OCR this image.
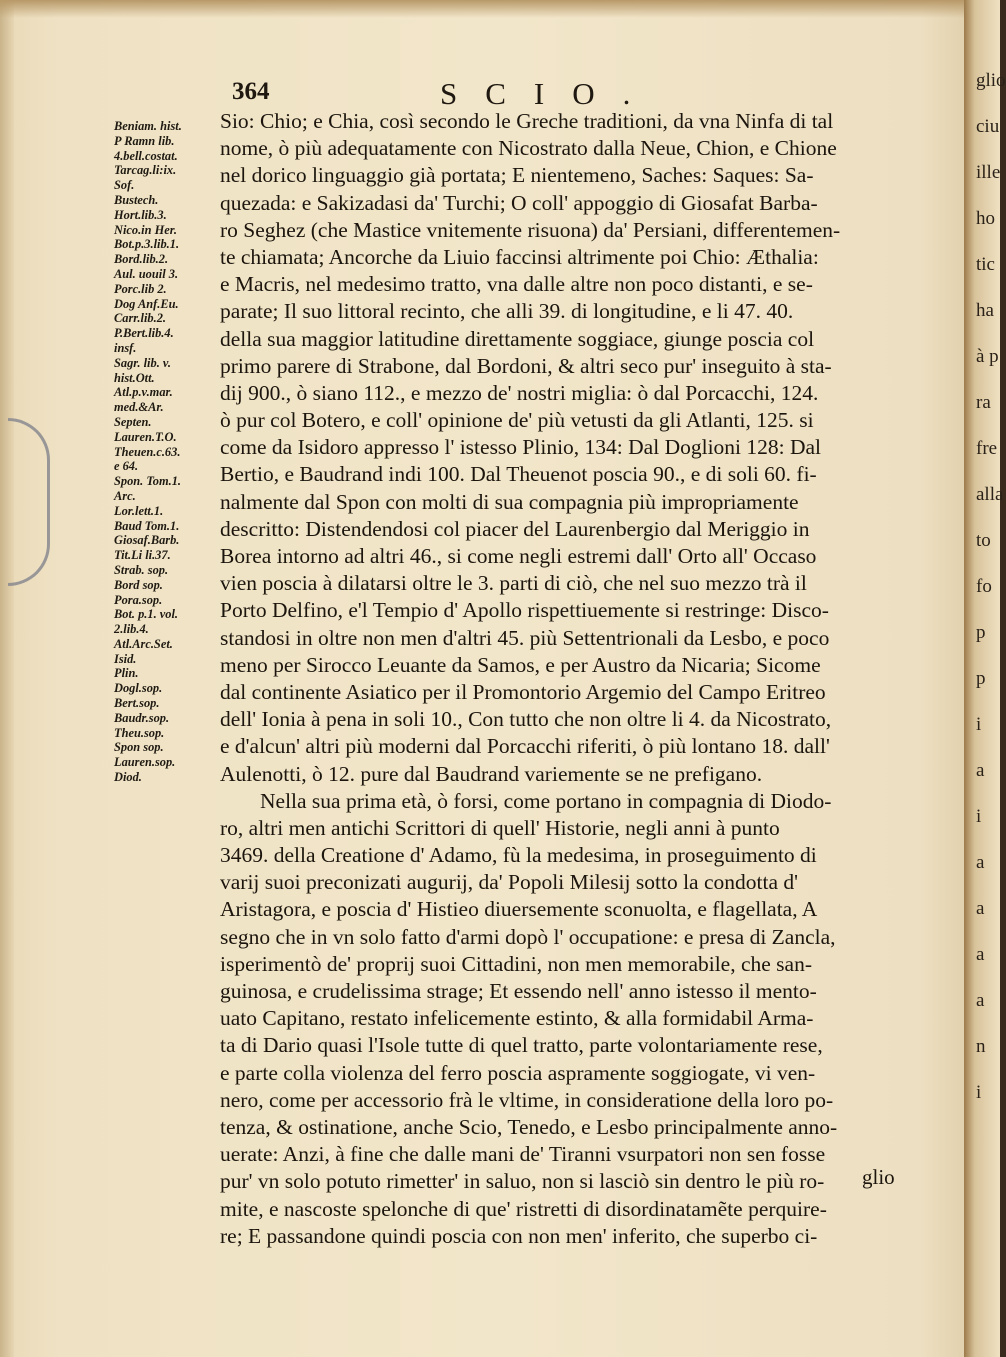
364	SCIO.
Beniam. hist.
P Ramn lib.
4.bell.costat.
Tarcag.li:ix.
Sof.
Bustech.
Hort.lib.3.
Nico.in Her.
Bot.p.3.lib.1.
Bord.lib.2.
Aul. uouil 3.
Porc.lib 2.
Dog Anf.Eu.
Carr.lib.2.
P.Bert.lib.4.
insf.
Sagr. lib. v.
hist.Ott.
Atl.p.v.mar.
med.&Ar.
Septen.
Lauren.T.O.
Theuen.c.63.
e 64.
Spon. Tom.1.
Arc.
Lor.lett.1.
Baud Tom.1.
Giosaf.Barb.
Tit.Li li.37.
Strab. sop.
Bord sop.
Pora.sop.
Bot. p.1. vol.
2.lib.4.
Atl.Arc.Set.
Isid.
Plin.
Dogl.sop.
Bert.sop.
Baudr.sop.
Theu.sop.
Spon sop.
Lauren.sop.
Diod.
Sio: Chio; e Chia, così secondo le Greche traditioni, da vna Ninfa di tal
nome, ò più adequatamente con Nicostrato dalla Neue, Chion, e Chione
nel dorico linguaggio già portata; E nientemeno, Saches: Saques: Sa-
quezada: e Sakizadasi da' Turchi; O coll' appoggio di Giosafat Barba-
ro Seghez (che Mastice vnitemente risuona) da' Persiani, differentemen-
te chiamata; Ancorche da Liuio faccinsi altrimente poi Chio: Æthalia:
e Macris, nel medesimo tratto, vna dalle altre non poco distanti, e se-
parate; Il suo littoral recinto, che alli 39. di longitudine, e li 47. 40.
della sua maggior latitudine direttamente soggiace, giunge poscia col
primo parere di Strabone, dal Bordoni, & altri seco pur' inseguito à sta-
dij 900., ò siano 112., e mezzo de' nostri miglia: ò dal Porcacchi, 124.
ò pur col Botero, e coll' opinione de' più vetusti da gli Atlanti, 125. si
come da Isidoro appresso l' istesso Plinio, 134: Dal Doglioni 128: Dal
Bertio, e Baudrand indi 100. Dal Theuenot poscia 90., e di soli 60. fi-
nalmente dal Spon con molti di sua compagnia più impropriamente
descritto: Distendendosi col piacer del Laurenbergio dal Meriggio in
Borea intorno ad altri 46., si come negli estremi dall' Orto all' Occaso
vien poscia à dilatarsi oltre le 3. parti di ciò, che nel suo mezzo trà il
Porto Delfino, e'l Tempio d' Apollo rispettiuemente si restringe: Disco-
standosi in oltre non men d'altri 45. più Settentrionali da Lesbo, e poco
meno per Sirocco Leuante da Samos, e per Austro da Nicaria; Sicome
dal continente Asiatico per il Promontorio Argemio del Campo Eritreo
dell' Ionia à pena in soli 10., Con tutto che non oltre li 4. da Nicostrato,
e d'alcun' altri più moderni dal Porcacchi riferiti, ò più lontano 18. dall'
Aulenotti, ò 12. pure dal Baudrand variemente se ne prefigano.
Nella sua prima età, ò forsi, come portano in compagnia di Diodo-
ro, altri men antichi Scrittori di quell' Historie, negli anni à punto
3469. della Creatione d' Adamo, fù la medesima, in proseguimento di
varij suoi preconizati augurij, da' Popoli Milesij sotto la condotta d'
Aristagora, e poscia d' Histieo diuersemente sconuolta, e flagellata, A
segno che in vn solo fatto d'armi dopò l' occupatione: e presa di Zancla,
isperimentò de' proprij suoi Cittadini, non men memorabile, che san-
guinosa, e crudelissima strage; Et essendo nell' anno istesso il mento-
uato Capitano, restato infelicemente estinto, & alla formidabil Arma-
ta di Dario quasi l'Isole tutte di quel tratto, parte volontariamente rese,
e parte colla violenza del ferro poscia aspramente soggiogate, vi ven-
nero, come per accessorio frà le vltime, in consideratione della loro po-
tenza, & ostinatione, anche Scio, Tenedo, e Lesbo principalmente anno-
uerate: Anzi, à fine che dalle mani de' Tiranni vsurpatori non sen fosse
pur' vn solo potuto rimetter' in saluo, non si lasciò sin dentro le più ro-
mite, e nascoste spelonche di que' ristretti di disordinatamẽte perquire-
re; E passandone quindi poscia con non men' inferito, che superbo ci-
glio
glio
ciu
ille
ho
tic
ha
à p
ra
fre
alla
to
fo
p
p
i
a
i
a
a
a
a
n
i
